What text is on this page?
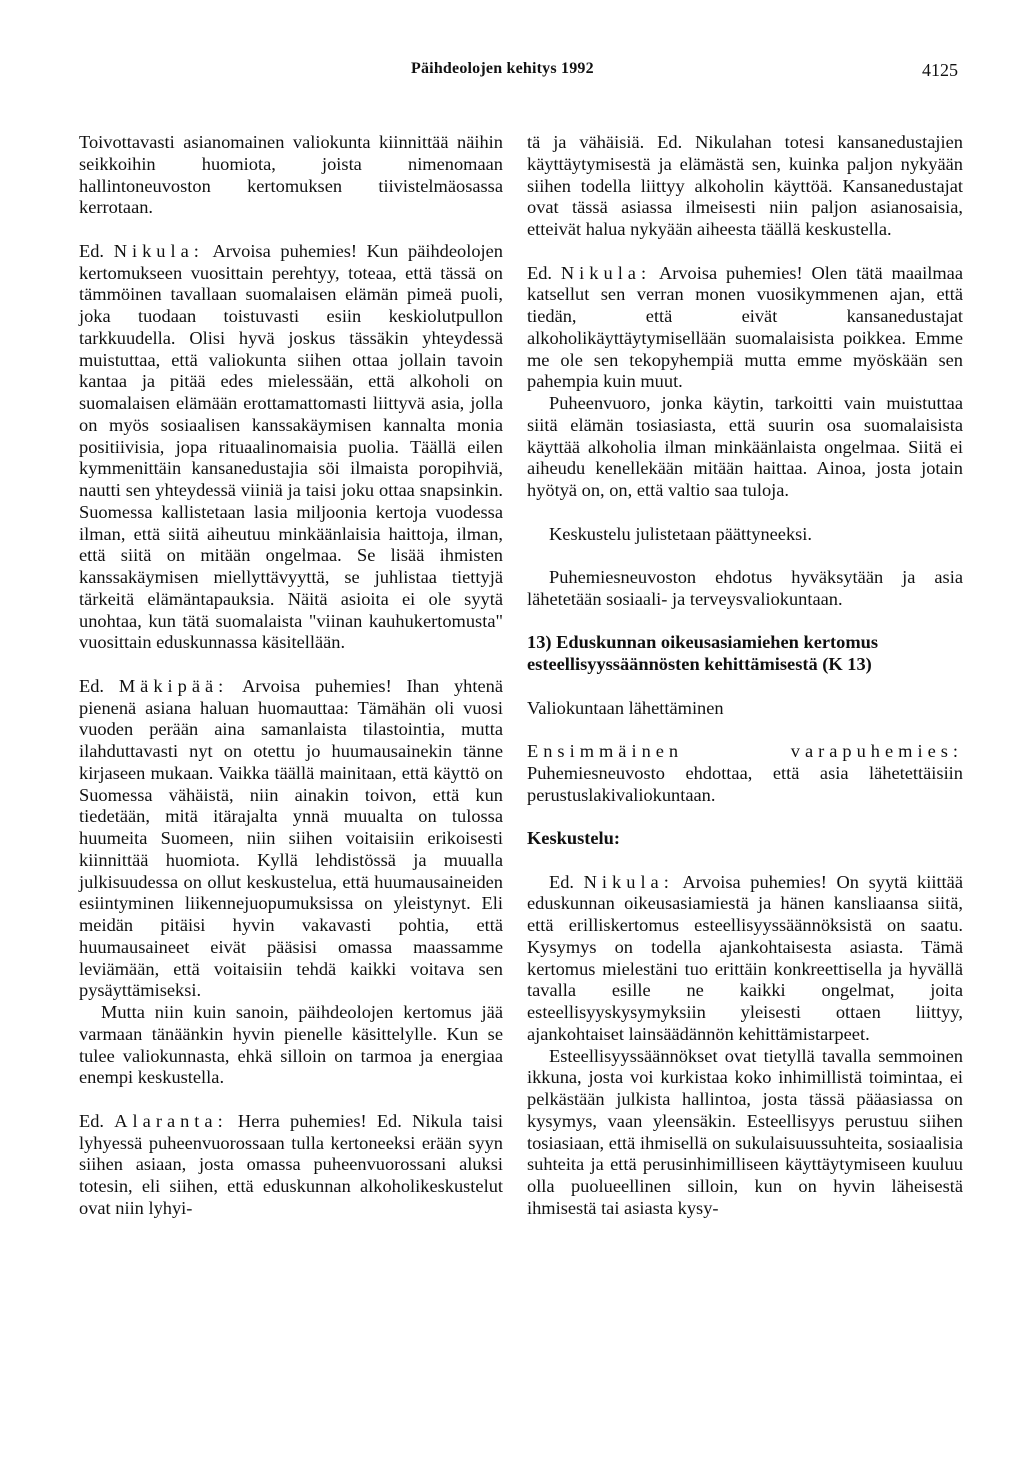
Päihdeolojen kehitys 1992	4125

Toivottavasti asianomainen valiokunta kiinnittää näihin seikkoihin huomiota, joista nimenomaan hallintoneuvoston kertomuksen tiivistelmäosassa kerrotaan.

Ed. Nikula: Arvoisa puhemies! Kun päihdeolojen kertomukseen vuosittain perehtyy, toteaa, että tässä on tämmöinen tavallaan suomalaisen elämän pimeä puoli, joka tuodaan toistuvasti esiin keskiolutpullon tarkkuudella. Olisi hyvä joskus tässäkin yhteydessä muistuttaa, että valiokunta siihen ottaa jollain tavoin kantaa ja pitää edes mielessään, että alkoholi on suomalaisen elämään erottamattomasti liittyvä asia, jolla on myös sosiaalisen kanssakäymisen kannalta monia positiivisia, jopa rituaalinomaisia puolia. Täällä eilen kymmenittäin kansanedustajia söi ilmaista poropihviä, nautti sen yhteydessä viiniä ja taisi joku ottaa snapsinkin. Suomessa kallistetaan lasia miljoonia kertoja vuodessa ilman, että siitä aiheutuu minkäänlaisia haittoja, ilman, että siitä on mitään ongelmaa. Se lisää ihmisten kanssakäymisen miellyttävyyttä, se juhlistaa tiettyjä tärkeitä elämäntapauksia. Näitä asioita ei ole syytä unohtaa, kun tätä suomalaista "viinan kauhukertomusta" vuosittain eduskunnassa käsitellään.

Ed. Mäkipää: Arvoisa puhemies! Ihan yhtenä pienenä asiana haluan huomauttaa: Tämähän oli vuosi vuoden perään aina samanlaista tilastointia, mutta ilahduttavasti nyt on otettu jo huumausainekin tänne kirjaseen mukaan. Vaikka täällä mainitaan, että käyttö on Suomessa vähäistä, niin ainakin toivon, että kun tiedetään, mitä itärajalta ynnä muualta on tulossa huumeita Suomeen, niin siihen voitaisiin erikoisesti kiinnittää huomiota. Kyllä lehdistössä ja muualla julkisuudessa on ollut keskustelua, että huumausaineiden esiintyminen liikennejuopumuksissa on yleistynyt. Eli meidän pitäisi hyvin vakavasti pohtia, että huumausaineet eivät pääsisi omassa maassamme leviämään, että voitaisiin tehdä kaikki voitava sen pysäyttämiseksi.

Mutta niin kuin sanoin, päihdeolojen kertomus jää varmaan tänäänkin hyvin pienelle käsittelylle. Kun se tulee valiokunnasta, ehkä silloin on tarmoa ja energiaa enempi keskustella.

Ed. Alaranta: Herra puhemies! Ed. Nikula taisi lyhyessä puheenvuorossaan tulla kertoneeksi erään syyn siihen asiaan, josta omassa puheenvuorossani aluksi totesin, eli siihen, että eduskunnan alkoholikeskustelut ovat niin lyhyi-

tä ja vähäisiä. Ed. Nikulahan totesi kansanedustajien käyttäytymisestä ja elämästä sen, kuinka paljon nykyään siihen todella liittyy alkoholin käyttöä. Kansanedustajat ovat tässä asiassa ilmeisesti niin paljon asianosaisia, etteivät halua nykyään aiheesta täällä keskustella.

Ed. Nikula: Arvoisa puhemies! Olen tätä maailmaa katsellut sen verran monen vuosikymmenen ajan, että tiedän, että eivät kansanedustajat alkoholikäyttäytymisellään suomalaisista poikkea. Emme me ole sen tekopyhempiä mutta emme myöskään sen pahempia kuin muut.

Puheenvuoro, jonka käytin, tarkoitti vain muistuttaa siitä elämän tosiasiasta, että suurin osa suomalaisista käyttää alkoholia ilman minkäänlaista ongelmaa. Siitä ei aiheudu kenellekään mitään haittaa. Ainoa, josta jotain hyötyä on, on, että valtio saa tuloja.

Keskustelu julistetaan päättyneeksi.

Puhemiesneuvoston ehdotus hyväksytään ja asia lähetetään sosiaali- ja terveysvaliokuntaan.

13) Eduskunnan oikeusasiamiehen kertomus esteellisyyssäännösten kehittämisestä (K 13)

Valiokuntaan lähettäminen

Ensimmäinen varapuhemies: Puhemiesneuvosto ehdottaa, että asia lähetettäisiin perustuslakivaliokuntaan.

Keskustelu:

Ed. Nikula: Arvoisa puhemies! On syytä kiittää eduskunnan oikeusasiamiestä ja hänen kansliaansa siitä, että erilliskertomus esteellisyyssäännöksistä on saatu. Kysymys on todella ajankohtaisesta asiasta. Tämä kertomus mielestäni tuo erittäin konkreettisella ja hyvällä tavalla esille ne kaikki ongelmat, joita esteellisyyskysymyksiin yleisesti ottaen liittyy, ajankohtaiset lainsäädännön kehittämistarpeet.

Esteellisyyssäännökset ovat tietyllä tavalla semmoinen ikkuna, josta voi kurkistaa koko inhimillistä toimintaa, ei pelkästään julkista hallintoa, josta tässä pääasiassa on kysymys, vaan yleensäkin. Esteellisyys perustuu siihen tosiasiaan, että ihmisellä on sukulaisuussuhteita, sosiaalisia suhteita ja että perusinhimilliseen käyttäytymiseen kuuluu olla puolueellinen silloin, kun on hyvin läheisestä ihmisestä tai asiasta kysy-
